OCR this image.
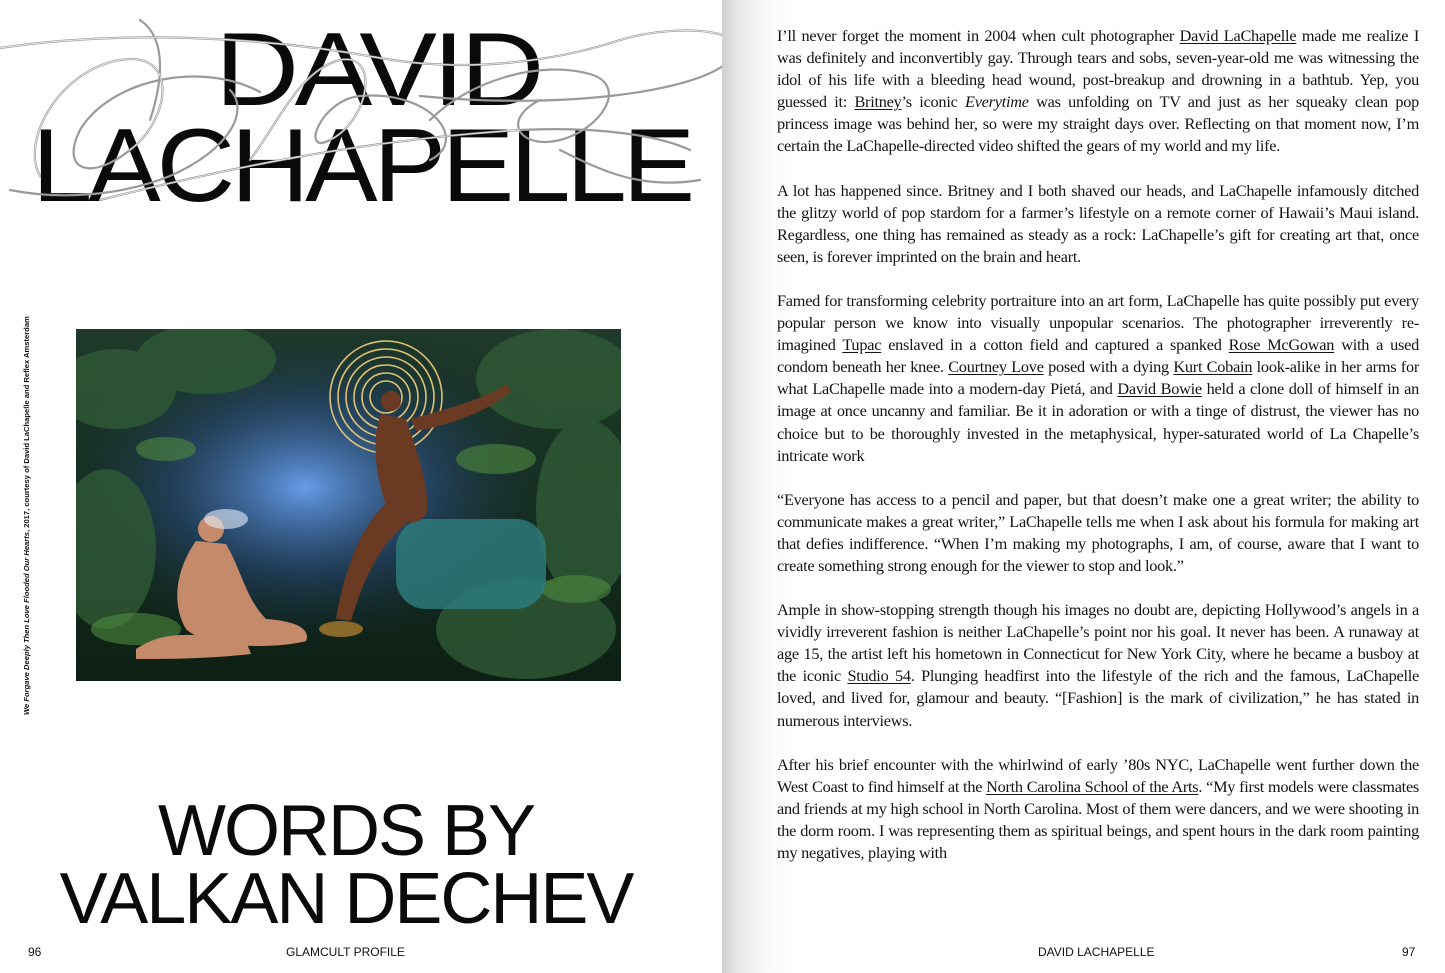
DAVID
LACHAPELLE
We Forgave Deeply Then Love Flooded Our Hearts, 2017, courtesy of David LaChapelle and Reflex Amsterdam
WORDS BY
VALKAN DECHEV
96	GLAMCULT PROFILE

I’ll never forget the moment in 2004 when cult photographer David LaChapelle made me realize I was definitely and inconvertibly gay. Through tears and sobs, seven-year-old me was witnessing the idol of his life with a bleeding head wound, post-breakup and drowning in a bathtub. Yep, you guessed it: Britney’s iconic Everytime was unfolding on TV and just as her squeaky clean pop princess image was behind her, so were my straight days over. Reflecting on that moment now, I’m certain the LaChapelle-directed video shifted the gears of my world and my life.

A lot has happened since. Britney and I both shaved our heads, and LaChapelle infamously ditched the glitzy world of pop stardom for a farmer’s lifestyle on a remote corner of Hawaii’s Maui island. Regardless, one thing has remained as steady as a rock: LaChapelle’s gift for creating art that, once seen, is forever imprinted on the brain and heart.

Famed for transforming celebrity portraiture into an art form, LaChapelle has quite possibly put every popular person we know into visually unpopular scenarios. The photographer irreverently re-imagined Tupac enslaved in a cotton field and captured a spanked Rose McGowan with a used condom beneath her knee. Courtney Love posed with a dying Kurt Cobain look-alike in her arms for what LaChapelle made into a modern-day Pietá, and David Bowie held a clone doll of himself in an image at once uncanny and familiar. Be it in adoration or with a tinge of distrust, the viewer has no choice but to be thoroughly invested in the metaphysical, hyper-saturated world of La Chapelle’s intricate work

“Everyone has access to a pencil and paper, but that doesn’t make one a great writer; the ability to communicate makes a great writer,” LaChapelle tells me when I ask about his formula for making art that defies indifference. “When I’m making my photographs, I am, of course, aware that I want to create something strong enough for the viewer to stop and look.”

Ample in show-stopping strength though his images no doubt are, depicting Hollywood’s angels in a vividly irreverent fashion is neither LaChapelle’s point nor his goal. It never has been. A runaway at age 15, the artist left his hometown in Connecticut for New York City, where he became a busboy at the iconic Studio 54. Plunging headfirst into the lifestyle of the rich and the famous, LaChapelle loved, and lived for, glamour and beauty. “[Fashion] is the mark of civilization,” he has stated in numerous interviews.

After his brief encounter with the whirlwind of early ’80s NYC, LaChapelle went further down the West Coast to find himself at the North Carolina School of the Arts. “My first models were classmates and friends at my high school in North Carolina. Most of them were dancers, and we were shooting in the dorm room. I was representing them as spiritual beings, and spent hours in the dark room painting my negatives, playing with

DAVID LACHAPELLE	97
